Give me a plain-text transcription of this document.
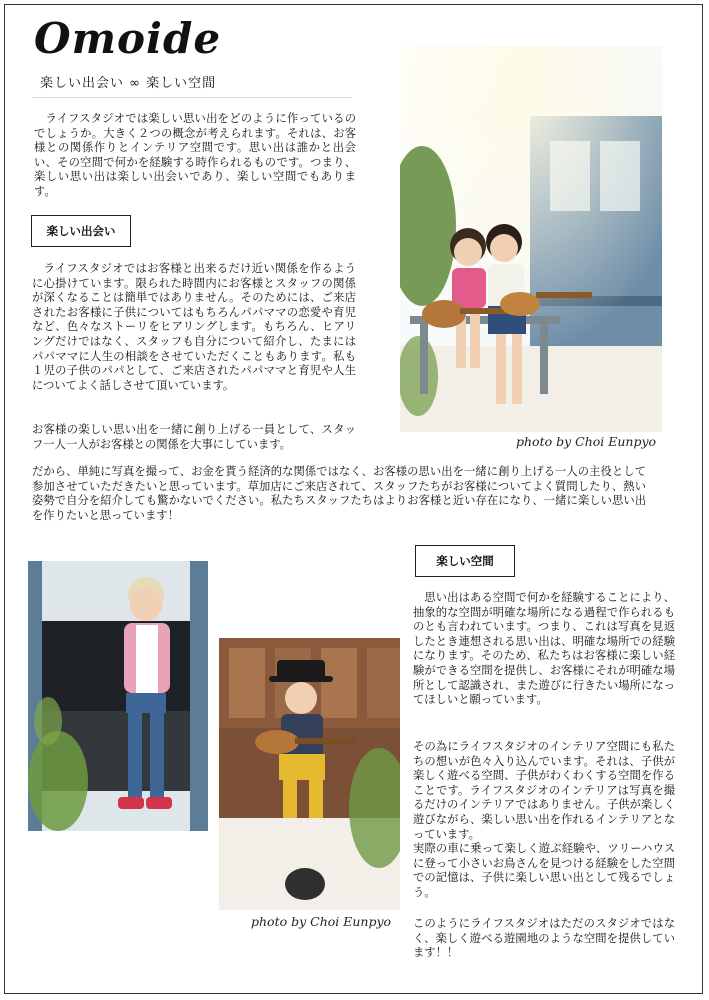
Omoide
楽しい出会い ∞ 楽しい空間

　ライフスタジオでは楽しい思い出をどのように作っているのでしょうか。大きく２つの概念が考えられます。それは、お客様との関係作りとインテリア空間です。思い出は誰かと出会い、その空間で何かを経験する時作られるものです。つまり、楽しい思い出は楽しい出会いであり、楽しい空間でもあります。

楽しい出会い

　ライフスタジオではお客様と出来るだけ近い関係を作るように心掛けています。限られた時間内にお客様とスタッフの関係が深くなることは簡単ではありません。そのためには、ご来店されたお客様に子供についてはもちろんパパママの恋愛や育児など、色々なストーリをヒアリングします。もちろん、ヒアリングだけではなく、スタッフも自分について紹介し、たまにはパパママに人生の相談をさせていただくこともあります。私も１児の子供のパパとして、ご来店されたパパママと育児や人生についてよく話しさせて頂いています。

お客様の楽しい思い出を一緒に創り上げる一員として、スタッフ一人一人がお客様との関係を大事にしています。

だから、単純に写真を撮って、お金を貰う経済的な関係ではなく、お客様の思い出を一緒に創り上げる一人の主役として参加させていただきたいと思っています。草加店にご来店されて、スタッフたちがお客様についてよく質問したり、熱い姿勢で自分を紹介しても驚かないでください。私たちスタッフたちはよりお客様と近い存在になり、一緒に楽しい思い出を作りたいと思っています！

photo by Choi Eunpyo
楽しい空間
photo by Choi Eunpyo

　思い出はある空間で何かを経験することにより、抽象的な空間が明確な場所になる過程で作られるものとも言われています。つまり、これは写真を見返したとき連想される思い出は、明確な場所での経験になります。そのため、私たちはお客様に楽しい経験ができる空間を提供し、お客様にそれが明確な場所として認識され、また遊びに行きたい場所になってほしいと願っています。

その為にライフスタジオのインテリア空間にも私たちの想いが色々入り込んでいます。それは、子供が楽しく遊べる空間、子供がわくわくする空間を作ることです。ライフスタジオのインテリアは写真を撮るだけのインテリアではありません。子供が楽しく遊びながら、楽しい思い出を作れるインテリアとなっています。
実際の車に乗って楽しく遊ぶ経験や、ツリーハウスに登って小さいお鳥さんを見つける経験をした空間での記憶は、子供に楽しい思い出として残るでしょう。

このようにライフスタジオはただのスタジオではなく、楽しく遊べる遊園地のような空間を提供しています！！
